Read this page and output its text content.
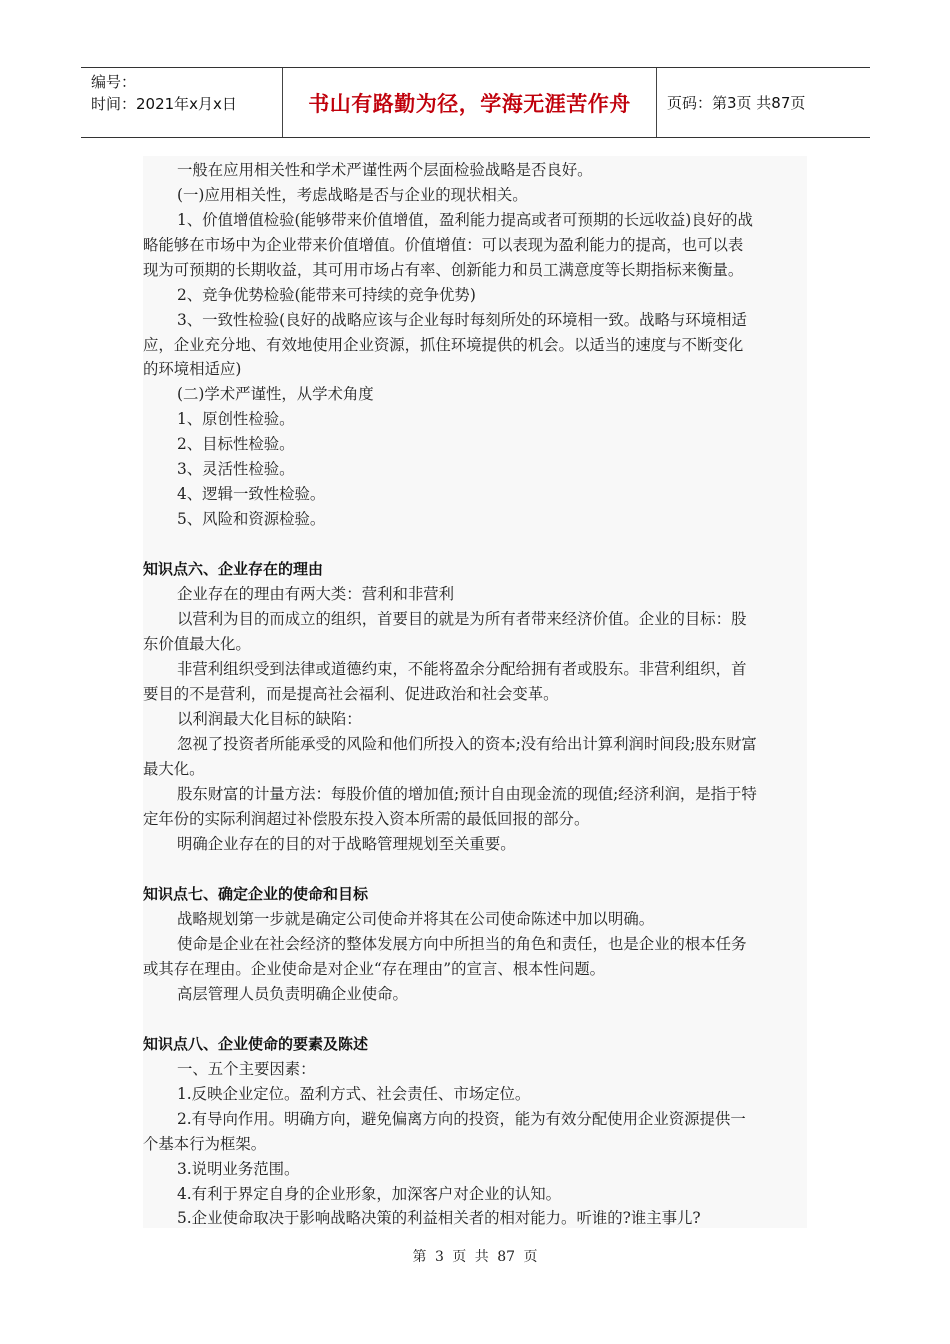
编号：
时间：2021年x月x日	书山有路勤为径，学海无涯苦作舟 页码：第3页 共87页
一般在应用相关性和学术严谨性两个层面检验战略是否良好。
(一)应用相关性，考虑战略是否与企业的现状相关。
1、价值增值检验(能够带来价值增值，盈利能力提高或者可预期的长远收益)良好的战
略能够在市场中为企业带来价值增值。价值增值：可以表现为盈利能力的提高，也可以表
现为可预期的长期收益，其可用市场占有率、创新能力和员工满意度等长期指标来衡量。
2、竞争优势检验(能带来可持续的竞争优势)
3、一致性检验(良好的战略应该与企业每时每刻所处的环境相一致。战略与环境相适
应，企业充分地、有效地使用企业资源，抓住环境提供的机会。以适当的速度与不断变化
的环境相适应)
(二)学术严谨性，从学术角度
1、原创性检验。
2、目标性检验。
3、灵活性检验。
4、逻辑一致性检验。
5、风险和资源检验。
知识点六、企业存在的理由
企业存在的理由有两大类：营利和非营利
以营利为目的而成立的组织，首要目的就是为所有者带来经济价值。企业的目标：股
东价值最大化。
非营利组织受到法律或道德约束，不能将盈余分配给拥有者或股东。非营利组织，首
要目的不是营利，而是提高社会福利、促进政治和社会变革。
以利润最大化目标的缺陷：
忽视了投资者所能承受的风险和他们所投入的资本;没有给出计算利润时间段;股东财富
最大化。
股东财富的计量方法：每股价值的增加值;预计自由现金流的现值;经济利润，是指于特
定年份的实际利润超过补偿股东投入资本所需的最低回报的部分。
明确企业存在的目的对于战略管理规划至关重要。
知识点七、确定企业的使命和目标
战略规划第一步就是确定公司使命并将其在公司使命陈述中加以明确。
使命是企业在社会经济的整体发展方向中所担当的角色和责任，也是企业的根本任务
或其存在理由。企业使命是对企业“存在理由”的宣言、根本性问题。
高层管理人员负责明确企业使命。
知识点八、企业使命的要素及陈述
一、五个主要因素：
1.反映企业定位。盈利方式、社会责任、市场定位。
2.有导向作用。明确方向，避免偏离方向的投资，能为有效分配使用企业资源提供一
个基本行为框架。
3.说明业务范围。
4.有利于界定自身的企业形象，加深客户对企业的认知。
5.企业使命取决于影响战略决策的利益相关者的相对能力。听谁的?谁主事儿?
第 3 页 共 87 页
